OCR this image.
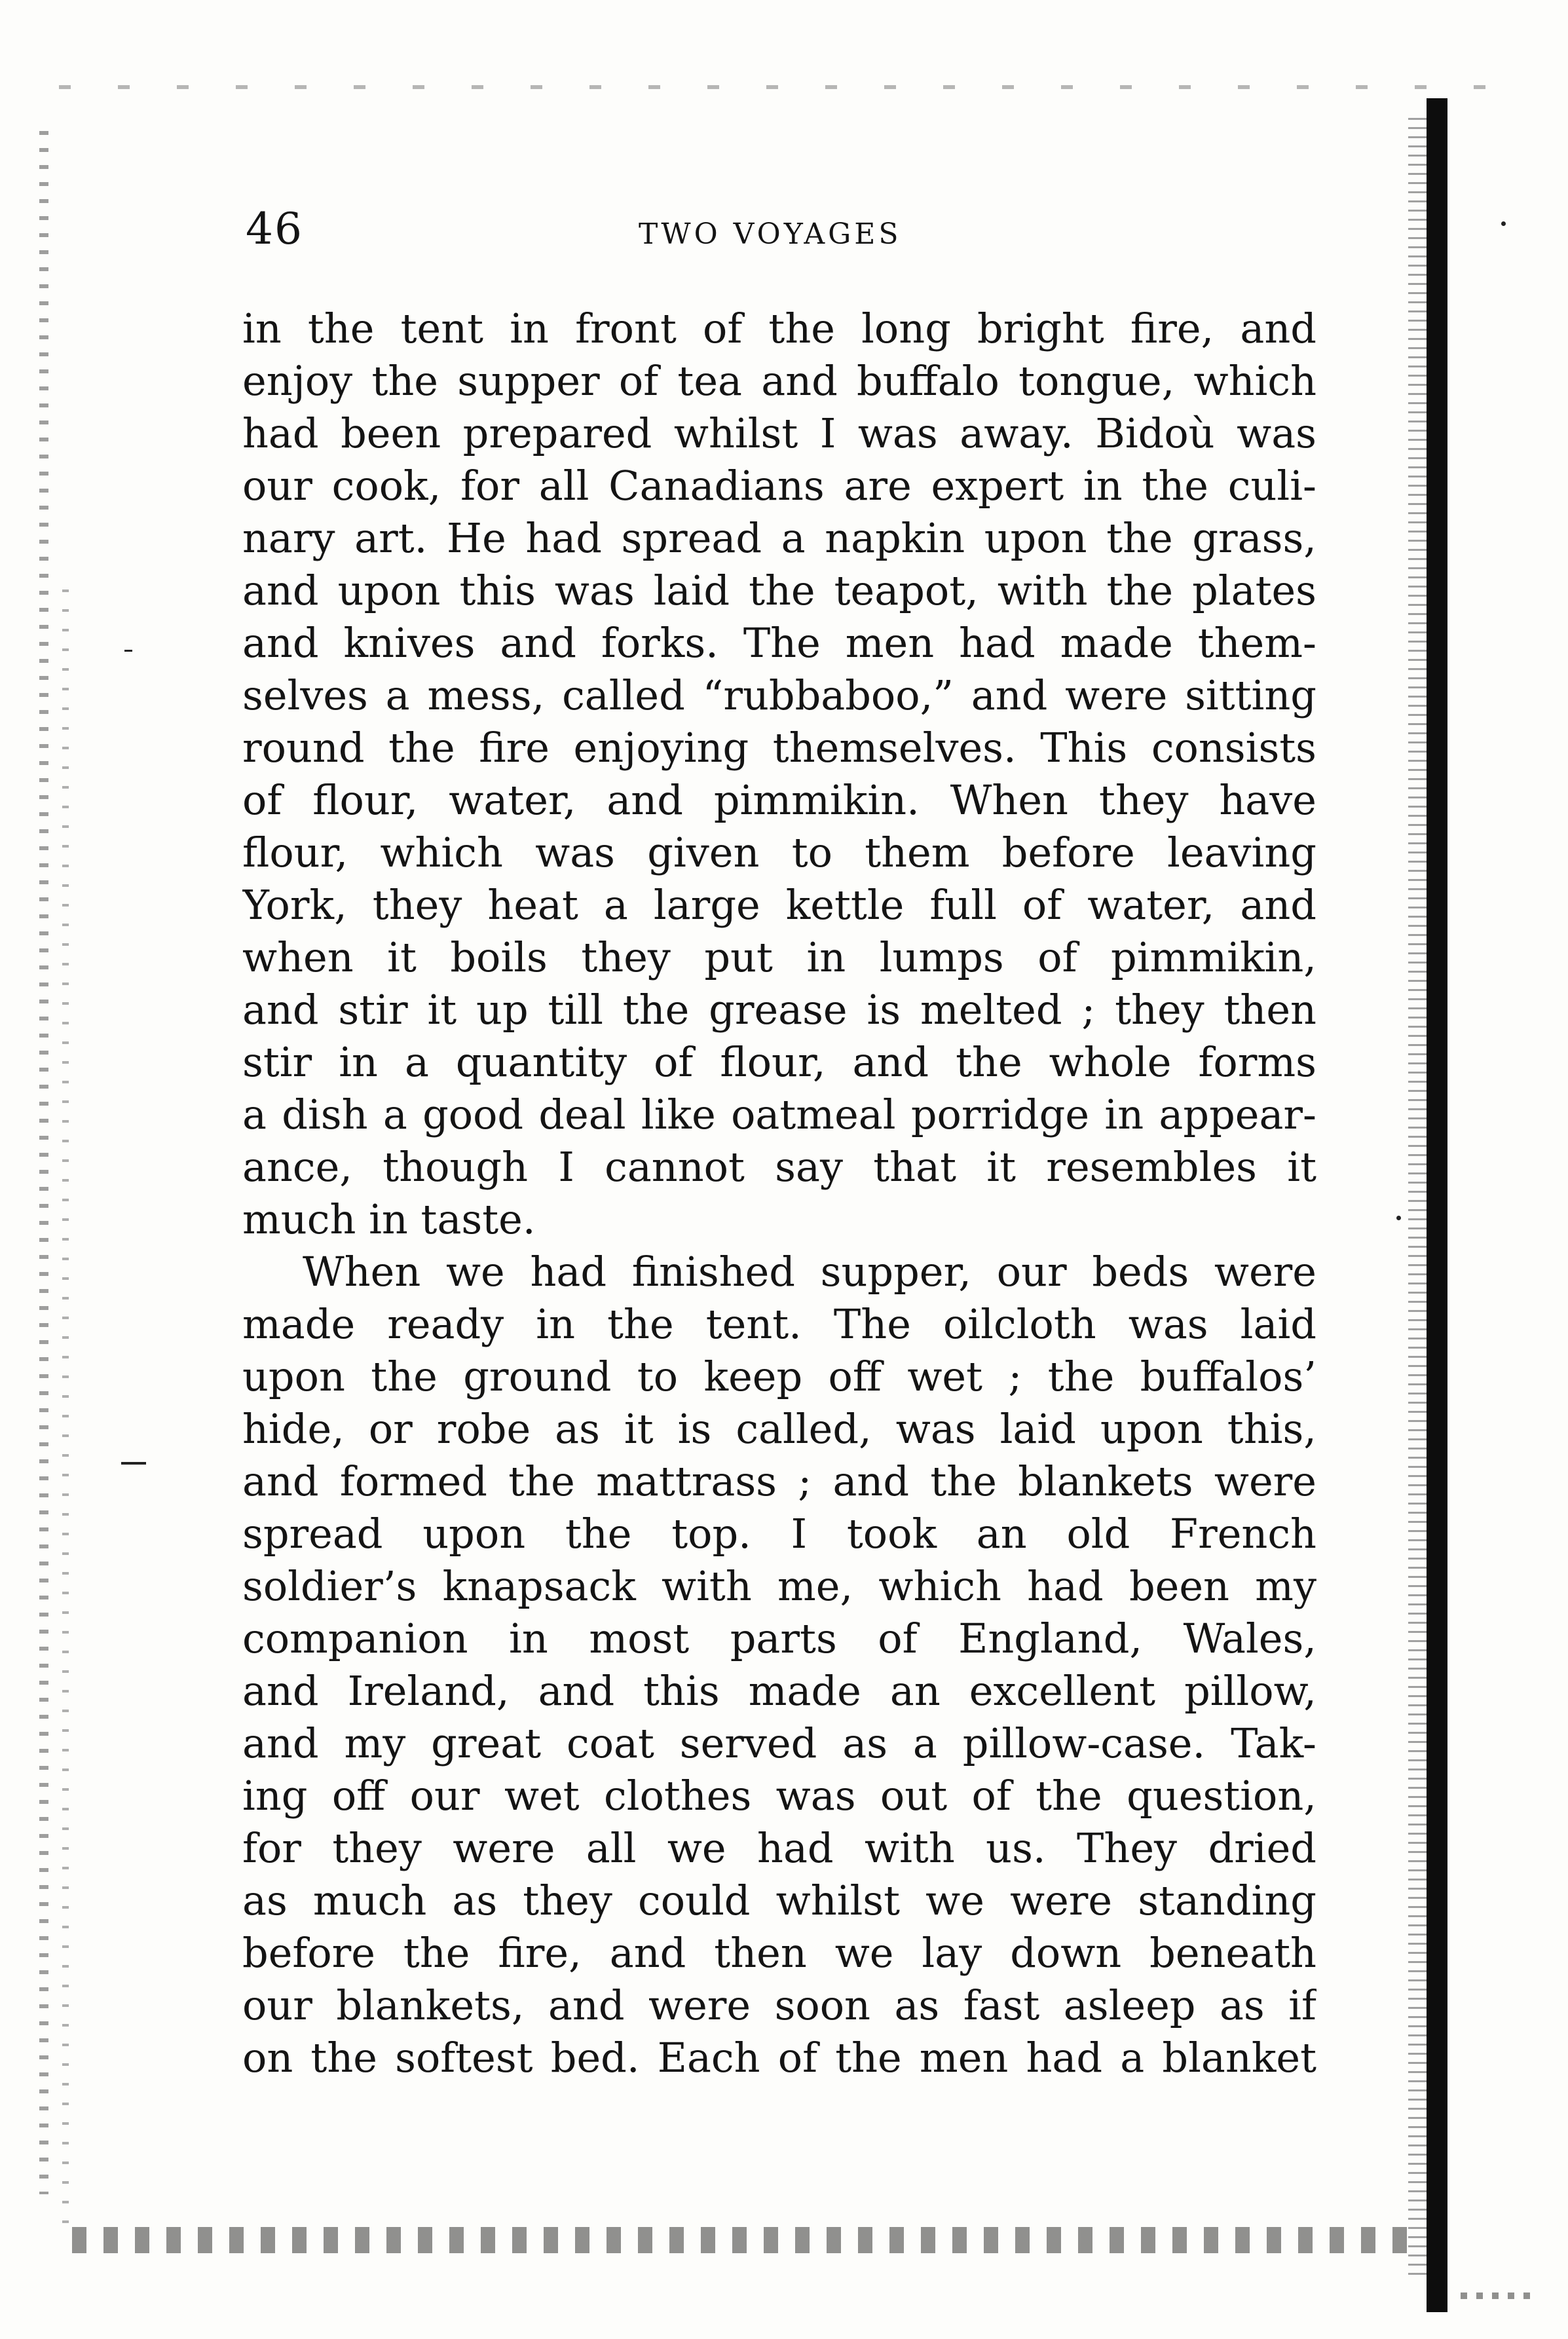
46	TWO VOYAGES
in the tent in front of the long bright fire, and
enjoy the supper of tea and buffalo tongue, which
had been prepared whilst I was away. Bidoù was
our cook, for all Canadians are expert in the culi-
nary art. He had spread a napkin upon the grass,
and upon this was laid the teapot, with the plates
and knives and forks. The men had made them-
selves a mess, called “rubbaboo,” and were sitting
round the fire enjoying themselves. This consists
of flour, water, and pimmikin. When they have
flour, which was given to them before leaving
York, they heat a large kettle full of water, and
when it boils they put in lumps of pimmikin,
and stir it up till the grease is melted ; they then
stir in a quantity of flour, and the whole forms
a dish a good deal like oatmeal porridge in appear-
ance, though I cannot say that it resembles it
much in taste.
When we had finished supper, our beds were
made ready in the tent. The oilcloth was laid
upon the ground to keep off wet ; the buffalos’
hide, or robe as it is called, was laid upon this,
and formed the mattrass ; and the blankets were
spread upon the top. I took an old French
soldier’s knapsack with me, which had been my
companion in most parts of England, Wales,
and Ireland, and this made an excellent pillow,
and my great coat served as a pillow-case. Tak-
ing off our wet clothes was out of the question,
for they were all we had with us. They dried
as much as they could whilst we were standing
before the fire, and then we lay down beneath
our blankets, and were soon as fast asleep as if
on the softest bed. Each of the men had a blanket
